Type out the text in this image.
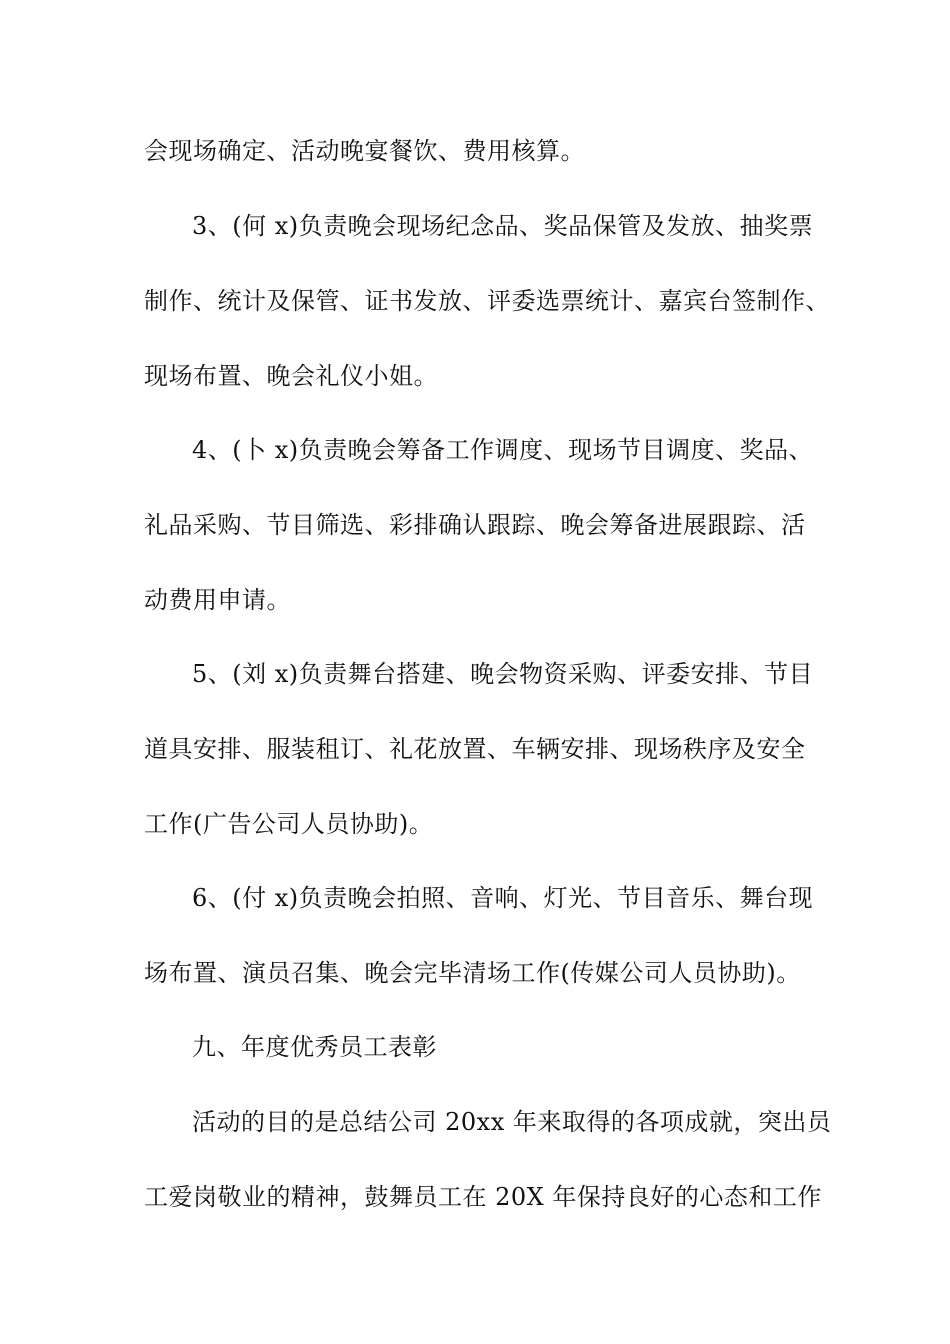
会现场确定、活动晚宴餐饮、费用核算。
3、(何 x)负责晚会现场纪念品、奖品保管及发放、抽奖票
制作、统计及保管、证书发放、评委选票统计、嘉宾台签制作、
现场布置、晚会礼仪小姐。
4、(卜 x)负责晚会筹备工作调度、现场节目调度、奖品、
礼品采购、节目筛选、彩排确认跟踪、晚会筹备进展跟踪、活
动费用申请。
5、(刘 x)负责舞台搭建、晚会物资采购、评委安排、节目
道具安排、服装租订、礼花放置、车辆安排、现场秩序及安全
工作(广告公司人员协助)。
6、(付 x)负责晚会拍照、音响、灯光、节目音乐、舞台现
场布置、演员召集、晚会完毕清场工作(传媒公司人员协助)。
九、年度优秀员工表彰
活动的目的是总结公司 20xx 年来取得的各项成就，突出员
工爱岗敬业的精神，鼓舞员工在 20X 年保持良好的心态和工作
